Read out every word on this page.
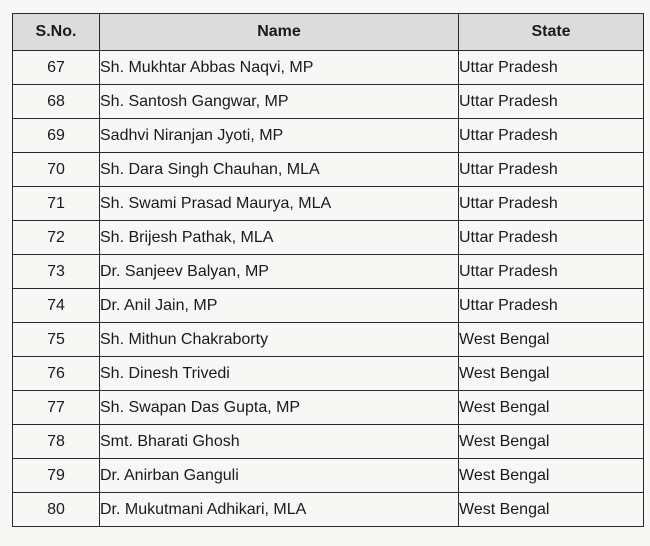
S.No.	Name	State
67	Sh. Mukhtar Abbas Naqvi, MP	Uttar Pradesh
68	Sh. Santosh Gangwar, MP	Uttar Pradesh
69	Sadhvi Niranjan Jyoti, MP	Uttar Pradesh
70	Sh. Dara Singh Chauhan, MLA	Uttar Pradesh
71	Sh. Swami Prasad Maurya, MLA	Uttar Pradesh
72	Sh. Brijesh Pathak, MLA	Uttar Pradesh
73	Dr. Sanjeev Balyan, MP	Uttar Pradesh
74	Dr. Anil Jain, MP	Uttar Pradesh
75	Sh. Mithun Chakraborty	West Bengal
76	Sh. Dinesh Trivedi	West Bengal
77	Sh. Swapan Das Gupta, MP	West Bengal
78	Smt. Bharati Ghosh	West Bengal
79	Dr. Anirban Ganguli	West Bengal
80	Dr. Mukutmani Adhikari, MLA	West Bengal
